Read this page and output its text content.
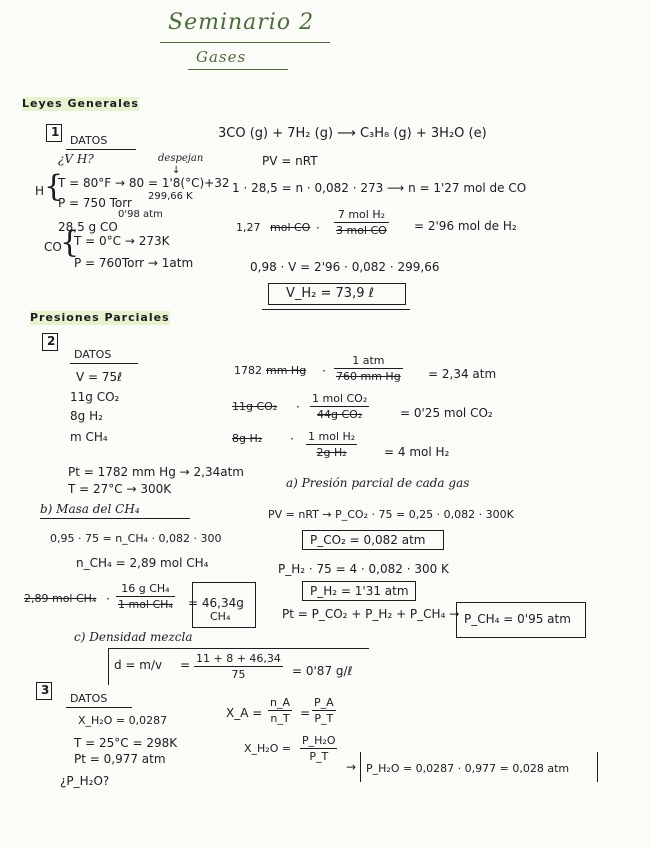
Seminario 2
Gases
Leyes Generales
1
DATOS
¿V H?	despejan
↓
H {
T = 80°F → 80 = 1'8(°C)+32
299,66 K
P = 750 Torr
0'98 atm
28,5 g CO
CO
{
T = 0°C → 273K
P = 760Torr → 1atm
3CO (g) + 7H₂ (g) ⟶ C₃H₈ (g) + 3H₂O (e)
PV = nRT
1 · 28,5 = n · 0,082 · 273 ⟶ n = 1'27 mol de CO
1,27 mol CO ·
7 mol H₂
3 mol CO = 2'96 mol de H₂
0,98 · V = 2'96 · 0,082 · 299,66
V_H₂ = 73,9 ℓ
Presiones Parciales
2
DATOS
V = 75ℓ
11g CO₂
8g H₂
m CH₄
Pt = 1782 mm Hg → 2,34atm
T = 27°C → 300K
1782 mm Hg ·
1 atm
760 mm Hg = 2,34 atm
11g CO₂ ·
1 mol CO₂
44g CO₂	= 0'25 mol CO₂
8g H₂ · 1 mol H₂
2g H₂	= 4 mol H₂
a) Presión parcial de cada gas
PV = nRT → P_CO₂ · 75 = 0,25 · 0,082 · 300K
P_CO₂ = 0,082 atm
P_H₂ · 75 = 4 · 0,082 · 300 K
P_H₂ = 1'31 atm
Pt = P_CO₂ + P_H₂ + P_CH₄ → P_CH₄ = 0'95 atm
b) Masa del CH₄
0,95 · 75 = n_CH₄ · 0,082 · 300
n_CH₄ = 2,89 mol CH₄
2,89 mol CH₄ ·
16 g CH₄
1 mol CH₄ = 46,34g
CH₄
c) Densidad mezcla
$d = m/v = \frac{11 + 8 + 46,34}{75} = 0'87$ g/ℓ
3
DATOS
X_H₂O = 0,0287
T = 25°C = 298K
Pt = 0,977 atm
¿P_H₂O?
X_A = $\frac{n\_A}{n\_T} = \frac{P\_A}{P\_T}$
X_H₂O = $\frac{\text{P\_H₂O}}{P\_T}$
→ P_H₂O = 0,0287 · 0,977 = 0,028 atm
